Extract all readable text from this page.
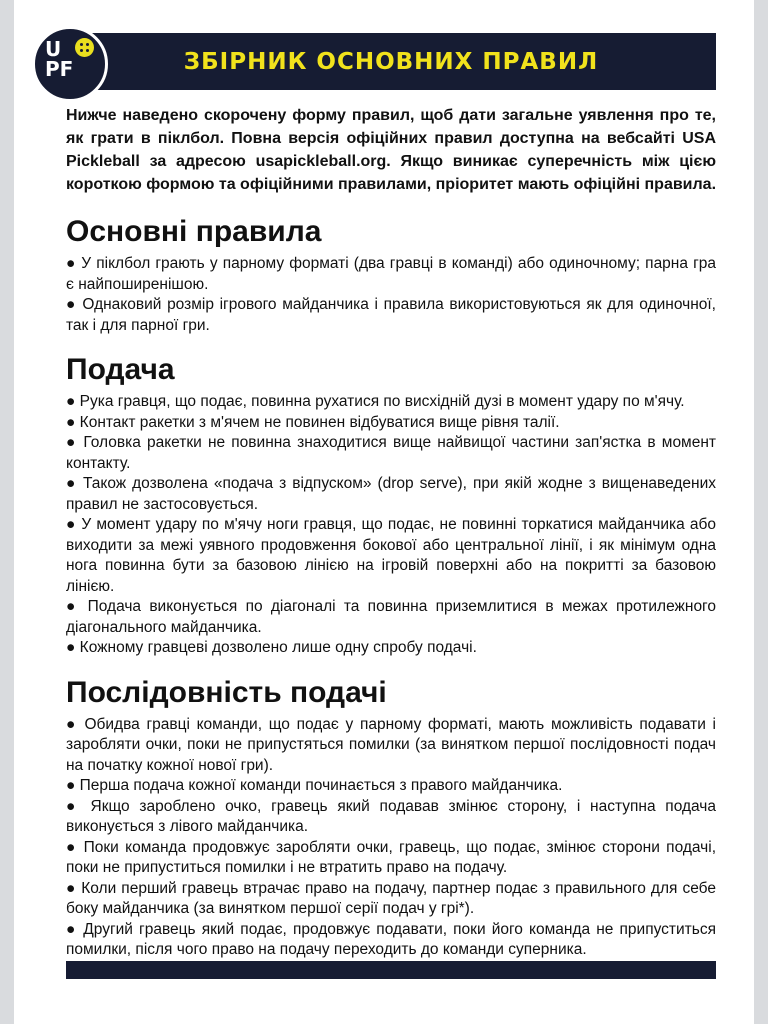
ЗБІРНИК ОСНОВНИХ ПРАВИЛ
U
PF

Нижче наведено скорочену форму правил, щоб дати загальне уявлення про те, як грати в піклбол. Повна версія офіційних правил доступна на вебсайті USA Pickleball за адресою usapickleball.org. Якщо виникає суперечність між цією короткою формою та офіційними правилами, пріоритет мають офіційні правила.

Основні правила

● У піклбол грають у парному форматі (два гравці в команді) або одиночному; парна гра є найпоширенішою.

● Однаковий розмір ігрового майданчика і правила використовуються як для одиночної, так і для парної гри.

Подача

● Рука гравця, що подає, повинна рухатися по висхідній дузі в момент удару по м'ячу.

● Контакт ракетки з м'ячем не повинен відбуватися вище рівня талії.

● Головка ракетки не повинна знаходитися вище найвищої частини зап'ястка в момент контакту.

● Також дозволена «подача з відпуском» (drop serve), при якій жодне з вищенаведених правил не застосовується.

● У момент удару по м'ячу ноги гравця, що подає, не повинні торкатися майданчика або виходити за межі уявного продовження бокової або центральної лінії, і як мінімум одна нога повинна бути за базовою лінією на ігровій поверхні або на покритті за базовою лінією.

● Подача виконується по діагоналі та повинна приземлитися в межах протилежного діагонального майданчика.

● Кожному гравцеві дозволено лише одну спробу подачі.

Послідовність подачі

● Обидва гравці команди, що подає у парному форматі, мають можливість подавати і заробляти очки, поки не припустяться помилки (за винятком першої послідовності подач на початку кожної нової гри).

● Перша подача кожної команди починається з правого майданчика.

● Якщо зароблено очко, гравець який подавав змінює сторону, і наступна подача виконується з лівого майданчика.

● Поки команда продовжує заробляти очки, гравець, що подає, змінює сторони подачі, поки не припуститься помилки і не втратить право на подачу.

● Коли перший гравець втрачає право на подачу, партнер подає з правильного для себе боку майданчика (за винятком першої серії подач у грі*).

● Другий гравець який подає, продовжує подавати, поки його команда не припуститься помилки, після чого право на подачу переходить до команди суперника.
